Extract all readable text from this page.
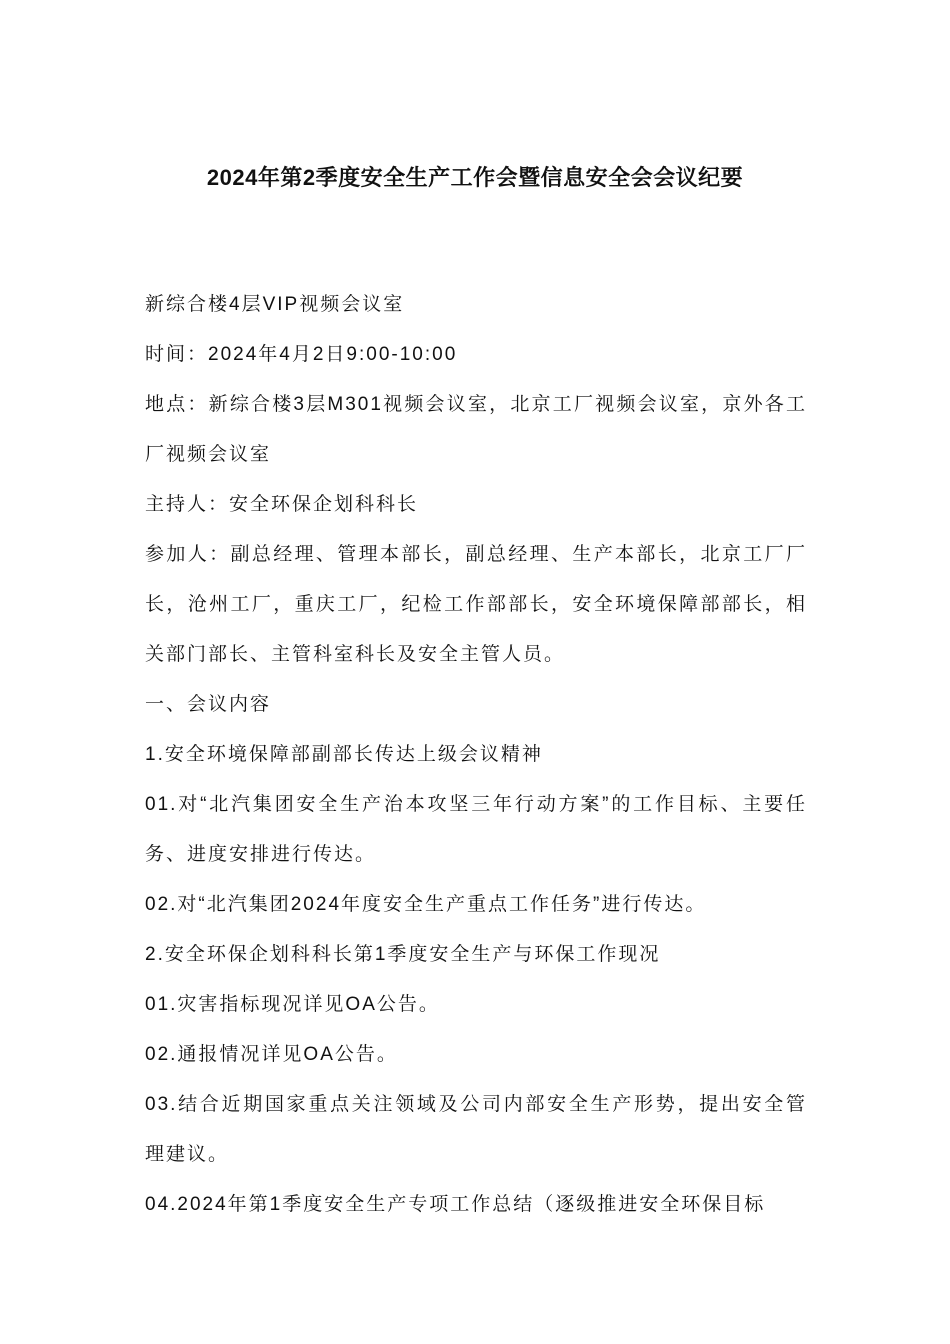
2024年第2季度安全生产工作会暨信息安全会会议纪要

新综合楼4层VIP视频会议室

时间：2024年4月2日9:00-10:00

地点：新综合楼3层M301视频会议室，北京工厂视频会议室，京外各工厂视频会议室

主持人：安全环保企划科科长

参加人：副总经理、管理本部长，副总经理、生产本部长，北京工厂厂长，沧州工厂，重庆工厂，纪检工作部部长，安全环境保障部部长，相关部门部长、主管科室科长及安全主管人员。

一、会议内容

1.安全环境保障部副部长传达上级会议精神

01.对“北汽集团安全生产治本攻坚三年行动方案”的工作目标、主要任务、进度安排进行传达。

02.对“北汽集团2024年度安全生产重点工作任务”进行传达。

2.安全环保企划科科长第1季度安全生产与环保工作现况

01.灾害指标现况详见OA公告。

02.通报情况详见OA公告。

03.结合近期国家重点关注领域及公司内部安全生产形势，提出安全管理建议。

04.2024年第1季度安全生产专项工作总结（逐级推进安全环保目标
